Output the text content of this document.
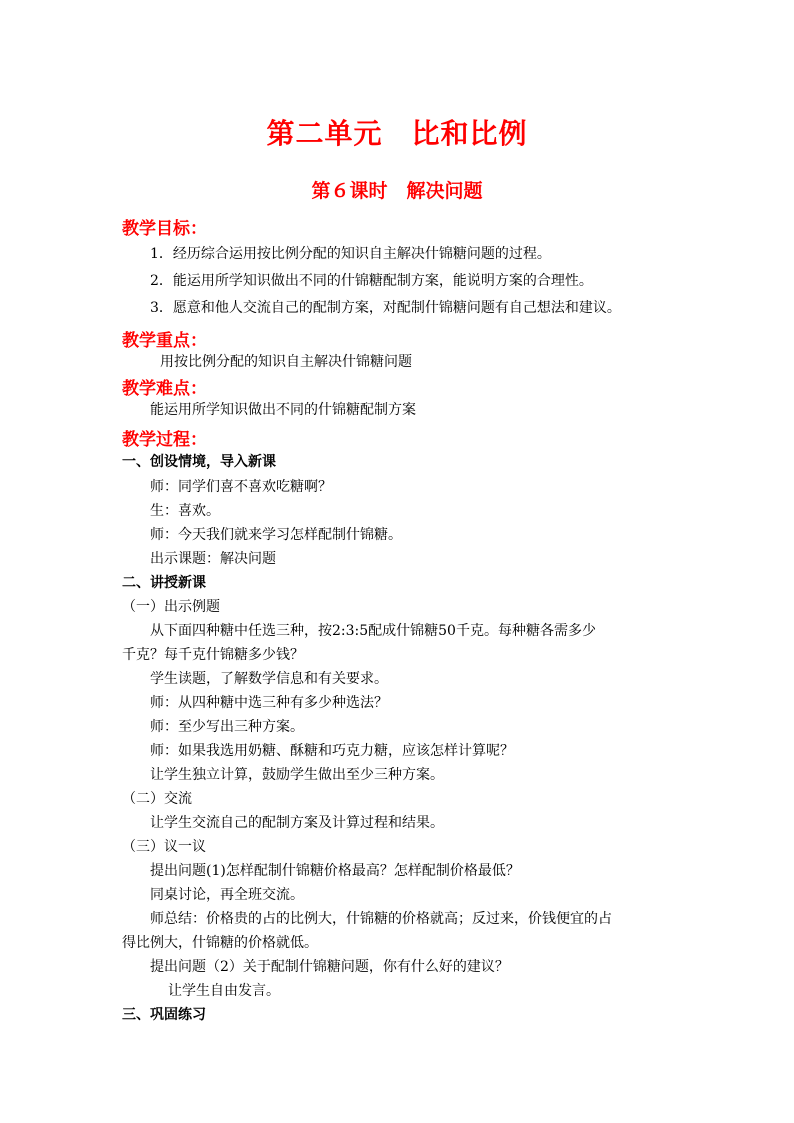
第二单元　比和比例
第６课时　解决问题
教学目标：
1．经历综合运用按比例分配的知识自主解决什锦糖问题的过程。
2．能运用所学知识做出不同的什锦糖配制方案，能说明方案的合理性。
3．愿意和他人交流自己的配制方案，对配制什锦糖问题有自己想法和建议。
教学重点：
用按比例分配的知识自主解决什锦糖问题
教学难点：
能运用所学知识做出不同的什锦糖配制方案
教学过程：
一、创设情境，导入新课
师：同学们喜不喜欢吃糖啊？
生：喜欢。
师：今天我们就来学习怎样配制什锦糖。
出示课题：解决问题
二、讲授新课
（一）出示例题
从下面四种糖中任选三种，按2:3:5配成什锦糖50千克。每种糖各需多少
千克？每千克什锦糖多少钱？
学生读题，了解数学信息和有关要求。
师：从四种糖中选三种有多少种选法？
师：至少写出三种方案。
师：如果我选用奶糖、酥糖和巧克力糖，应该怎样计算呢？
让学生独立计算，鼓励学生做出至少三种方案。
（二）交流
让学生交流自己的配制方案及计算过程和结果。
（三）议一议
提出问题(1)怎样配制什锦糖价格最高？怎样配制价格最低？
同桌讨论，再全班交流。
师总结：价格贵的占的比例大，什锦糖的价格就高；反过来，价钱便宜的占
得比例大，什锦糖的价格就低。
提出问题（2）关于配制什锦糖问题，你有什么好的建议？
让学生自由发言。
三、巩固练习
